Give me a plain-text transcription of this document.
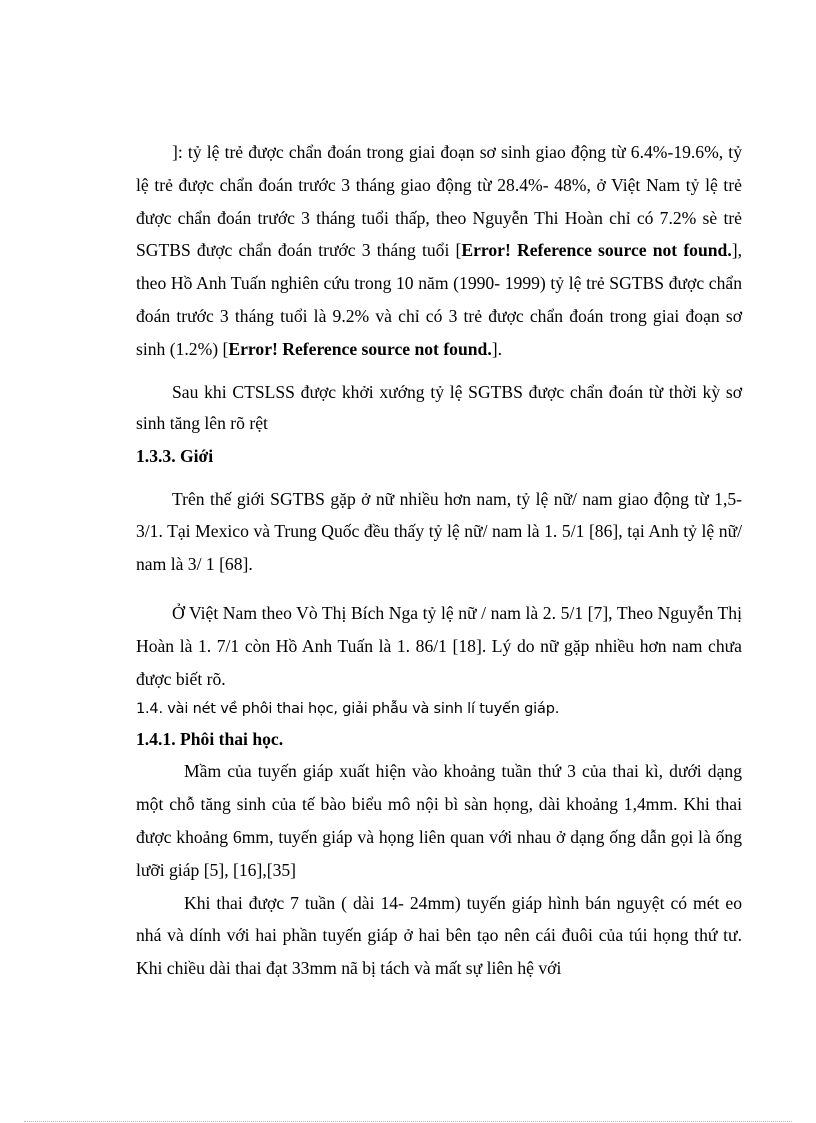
]: tỷ lệ trẻ được chẩn đoán trong giai đoạn sơ sinh giao động từ 6.4%-19.6%, tỷ lệ trẻ được chẩn đoán trước 3 tháng giao động từ 28.4%- 48%, ở Việt Nam tỷ lệ trẻ được chẩn đoán trước 3 tháng tuổi thấp, theo Nguyễn Thi Hoàn chỉ có 7.2% sè trẻ SGTBS được chẩn đoán trước 3 tháng tuổi [Error! Reference source not found.], theo Hồ Anh Tuấn nghiên cứu trong 10 năm (1990- 1999) tỷ lệ trẻ SGTBS được chẩn đoán trước 3 tháng tuổi là 9.2% và chỉ có 3 trẻ được chẩn đoán trong giai đoạn sơ sinh (1.2%) [Error! Reference source not found.].

Sau khi CTSLSS được khởi xướng tỷ lệ SGTBS được chẩn đoán từ thời kỳ sơ sinh tăng lên rõ rệt

1.3.3. Giới

Trên thế giới SGTBS gặp ở nữ nhiều hơn nam, tỷ lệ nữ/ nam giao động từ 1,5- 3/1. Tại Mexico và Trung Quốc đều thấy tỷ lệ nữ/ nam là 1. 5/1 [86], tại Anh tỷ lệ nữ/ nam là 3/ 1 [68].

Ở Việt Nam theo Vò Thị Bích Nga tỷ lệ nữ / nam là 2. 5/1 [7], Theo Nguyễn Thị Hoàn là 1. 7/1 còn Hồ Anh Tuấn là 1. 86/1 [18]. Lý do nữ gặp nhiều hơn nam chưa được biết rõ.

1.4. vài nét về phôi thai học, giải phẫu và sinh lí tuyến giáp.

1.4.1. Phôi thai học.

Mầm của tuyến giáp xuất hiện vào khoảng tuần thứ 3 của thai kì, dưới dạng một chỗ tăng sinh của tế bào biểu mô nội bì sàn họng, dài khoảng 1,4mm. Khi thai được khoảng 6mm, tuyến giáp và họng liên quan với nhau ở dạng ống dẫn gọi là ống lưỡi giáp [5], [16],[35]

Khi thai được 7 tuần ( dài 14- 24mm) tuyến giáp hình bán nguyệt có mét eo nhá và dính với hai phần tuyến giáp ở hai bên tạo nên cái đuôi của túi họng thứ tư. Khi chiều dài thai đạt 33mm nã bị tách và mất sự liên hệ với
